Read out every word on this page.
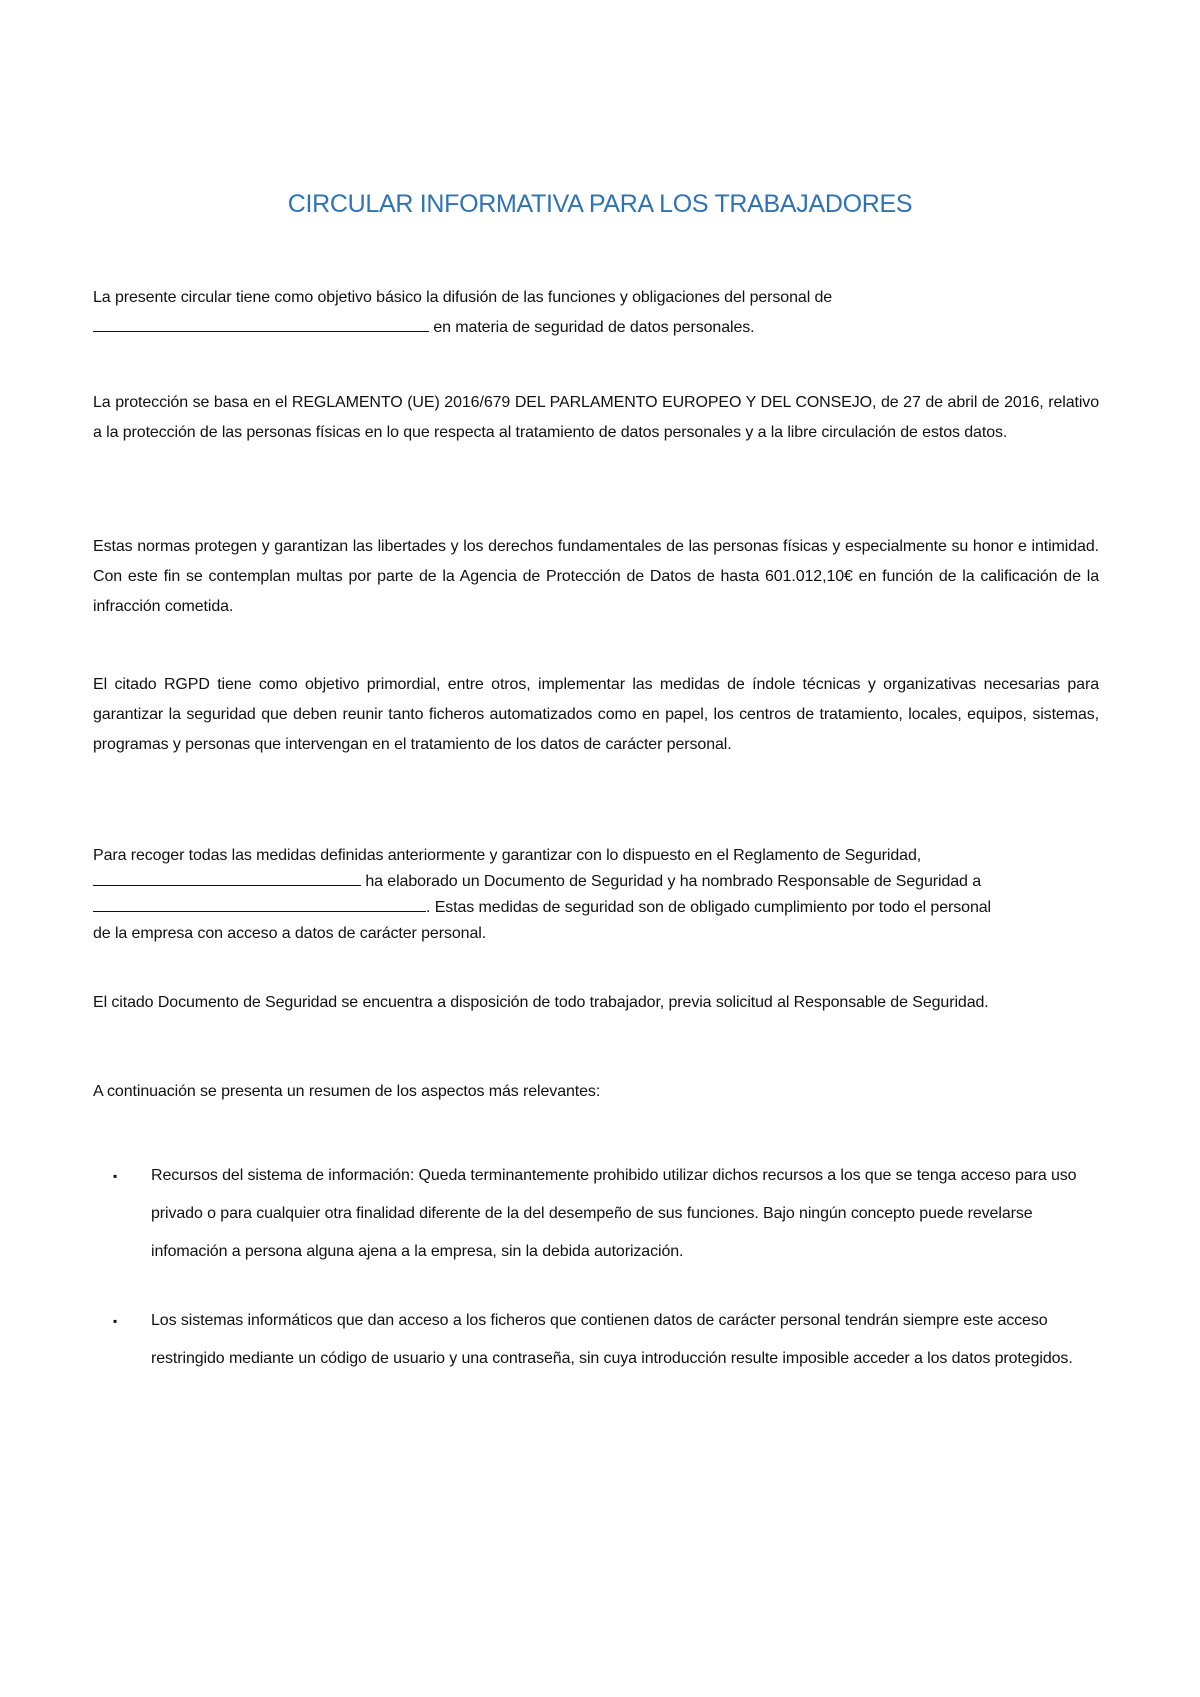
CIRCULAR INFORMATIVA PARA LOS TRABAJADORES
La presente circular tiene como objetivo básico la difusión de las funciones y obligaciones del personal de
en materia de seguridad de datos personales.

La protección se basa en el REGLAMENTO (UE) 2016/679 DEL PARLAMENTO EUROPEO Y DEL CONSEJO, de 27 de abril de 2016, relativo a la protección de las personas físicas en lo que respecta al tratamiento de datos personales y a la libre circulación de estos datos.

Estas normas protegen y garantizan las libertades y los derechos fundamentales de las personas físicas y especialmente su honor e intimidad. Con este fin se contemplan multas por parte de la Agencia de Protección de Datos de hasta 601.012,10€ en función de la calificación de la infracción cometida.

El citado RGPD tiene como objetivo primordial, entre otros, implementar las medidas de índole técnicas y organizativas necesarias para garantizar la seguridad que deben reunir tanto ficheros automatizados como en papel, los centros de tratamiento, locales, equipos, sistemas, programas y personas que intervengan en el tratamiento de los datos de carácter personal.

Para recoger todas las medidas definidas anteriormente y garantizar con lo dispuesto en el Reglamento de Seguridad,
ha elaborado un Documento de Seguridad y ha nombrado Responsable de Seguridad a
. Estas medidas de seguridad son de obligado cumplimiento por todo el personal
de la empresa con acceso a datos de carácter personal.

El citado Documento de Seguridad se encuentra a disposición de todo trabajador, previa solicitud al Responsable de Seguridad.

A continuación se presenta un resumen de los aspectos más relevantes:

▪ Recursos del sistema de información: Queda terminantemente prohibido utilizar dichos recursos a los que se tenga acceso para uso privado o para cualquier otra finalidad diferente de la del desempeño de sus funciones. Bajo ningún concepto puede revelarse infomación a persona alguna ajena a la empresa, sin la debida autorización.
▪ Los sistemas informáticos que dan acceso a los ficheros que contienen datos de carácter personal tendrán siempre este acceso restringido mediante un código de usuario y una contraseña, sin cuya introducción resulte imposible acceder a los datos protegidos.
